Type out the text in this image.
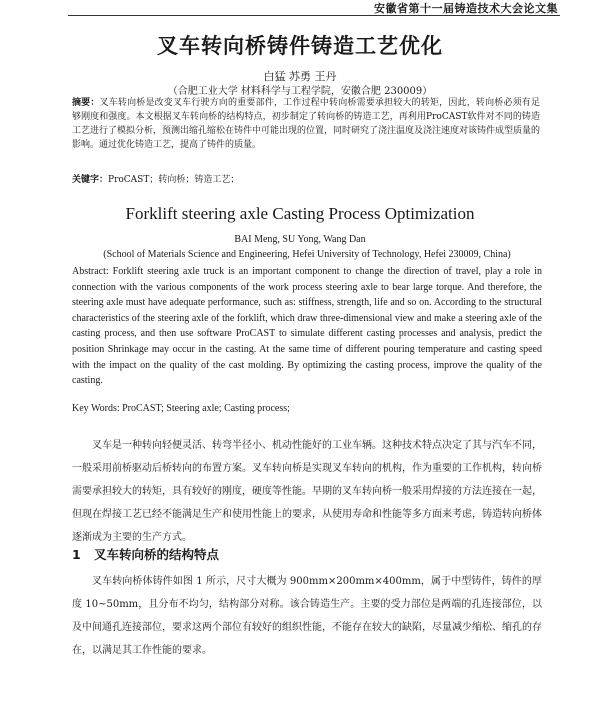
安徽省第十一届铸造技术大会论文集
叉车转向桥铸件铸造工艺优化
白猛 苏勇 王丹
（合肥工业大学 材料科学与工程学院，安徽合肥 230009）
摘要：叉车转向桥是改变叉车行驶方向的重要部件，工作过程中转向桥需要承担较大的转矩，因此，转向桥必须有足够刚度和强度。本文根据叉车转向桥的结构特点，初步制定了转向桥的铸造工艺，再利用ProCAST软件对不同的铸造工艺进行了模拟分析，预测出缩孔缩松在铸件中可能出现的位置，同时研究了浇注温度及浇注速度对该铸件成型质量的影响。通过优化铸造工艺，提高了铸件的质量。
关键字：ProCAST；转向桥；铸造工艺；
Forklift steering axle Casting Process Optimization
BAI Meng, SU Yong, Wang Dan
(School of Materials Science and Engineering, Hefei University of Technology, Hefei 230009, China)
Abstract: Forklift steering axle truck is an important component to change the direction of travel, play a role in connection with the various components of the work process steering axle to bear large torque. And therefore, the steering axle must have adequate performance, such as: stiffness, strength, life and so on. According to the structural characteristics of the steering axle of the forklift, which draw three-dimensional view and make a steering axle of the casting process, and then use software ProCAST to simulate different casting processes and analysis, predict the position Shrinkage may occur in the casting. At the same time of different pouring temperature and casting speed with the impact on the quality of the cast molding. By optimizing the casting process, improve the quality of the casting.
Key Words: ProCAST; Steering axle; Casting process;
叉车是一种转向轻便灵活、转弯半径小、机动性能好的工业车辆。这种技术特点决定了其与汽车不同，一般采用前桥驱动后桥转向的布置方案。叉车转向桥是实现叉车转向的机构，作为重要的工作机构，转向桥需要承担较大的转矩，具有较好的刚度，硬度等性能。早期的叉车转向桥一般采用焊接的方法连接在一起，但现在焊接工艺已经不能满足生产和使用性能上的要求，从使用寿命和性能等多方面来考虑，铸造转向桥体逐渐成为主要的生产方式。
1 叉车转向桥的结构特点
叉车转向桥体铸件如图 1 所示，尺寸大概为 900mm×200mm×400mm，属于中型铸件，铸件的厚度 10~50mm，且分布不均匀，结构部分对称。该合铸造生产。主要的受力部位是两端的孔连接部位，以及中间通孔连接部位，要求这两个部位有较好的组织性能，不能存在较大的缺陷，尽量减少缩松、缩孔的存在，以满足其工作性能的要求。
